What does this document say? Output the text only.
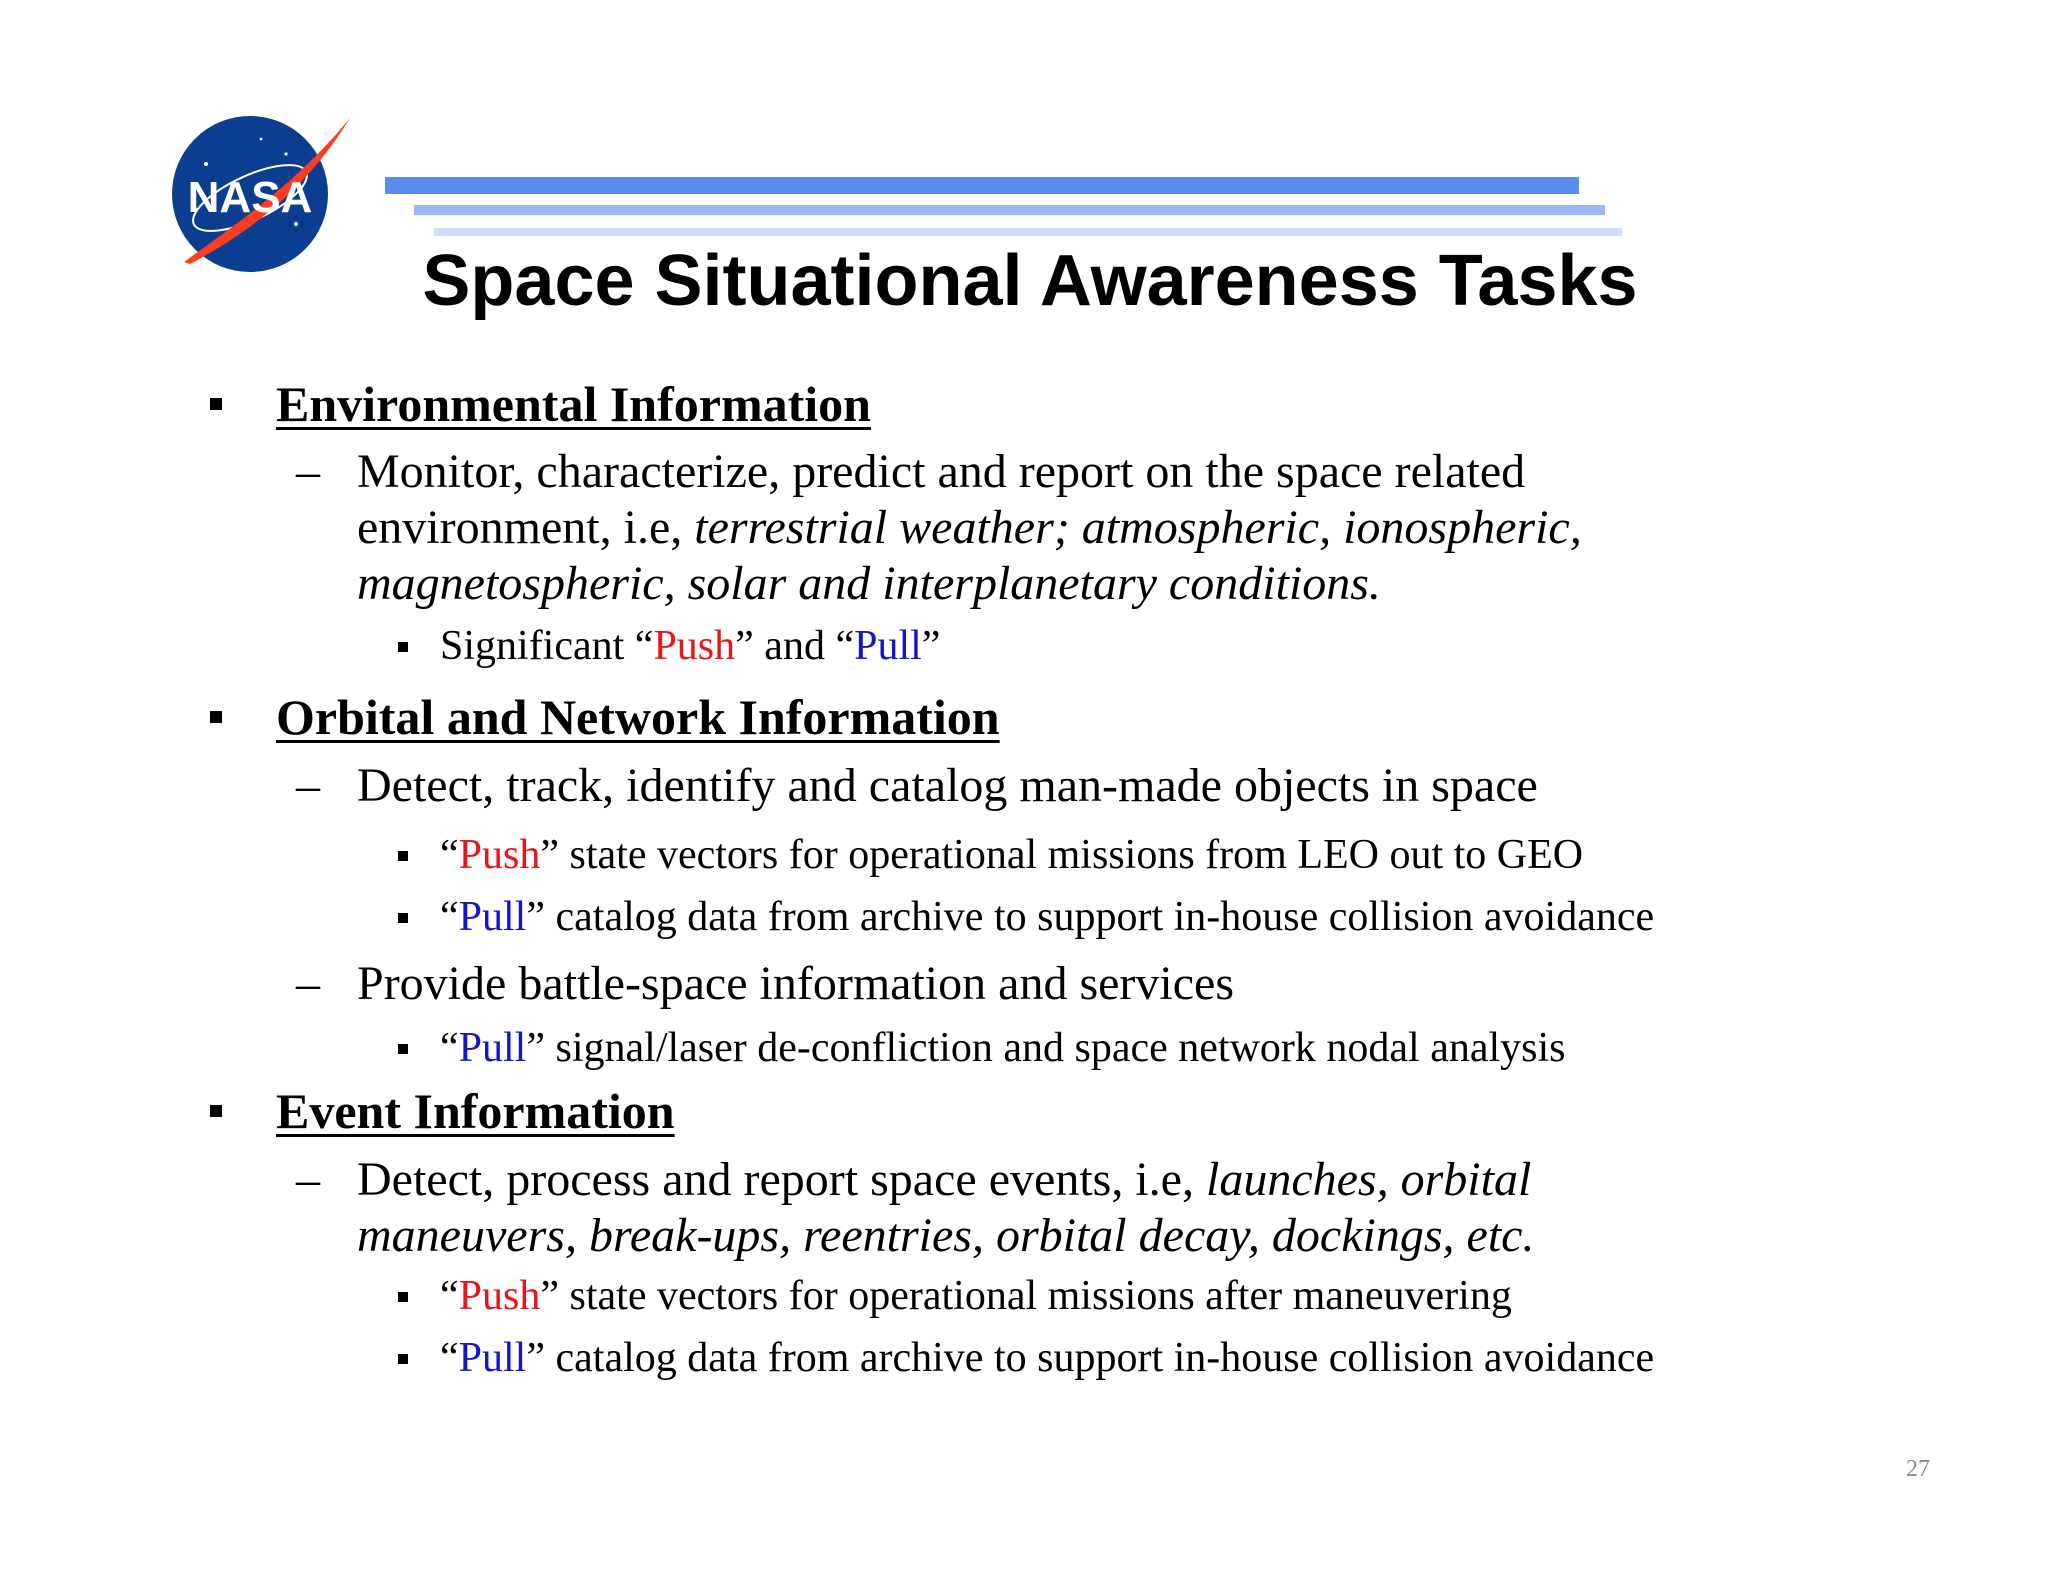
NASA
Space Situational Awareness Tasks
Environmental Information
– Monitor, characterize, predict and report on the space related
environment, i.e, terrestrial weather; atmospheric, ionospheric,
magnetospheric, solar and interplanetary conditions.
Significant “Push” and “Pull”
Orbital and Network Information
– Detect, track, identify and catalog man-made objects in space
“Push” state vectors for operational missions from LEO out to GEO
“Pull” catalog data from archive to support in-house collision avoidance
– Provide battle-space information and services
“Pull” signal/laser de-confliction and space network nodal analysis
Event Information
– Detect, process and report space events, i.e, launches, orbital
maneuvers, break-ups, reentries, orbital decay, dockings, etc.
“Push” state vectors for operational missions after maneuvering
“Pull” catalog data from archive to support in-house collision avoidance
27
